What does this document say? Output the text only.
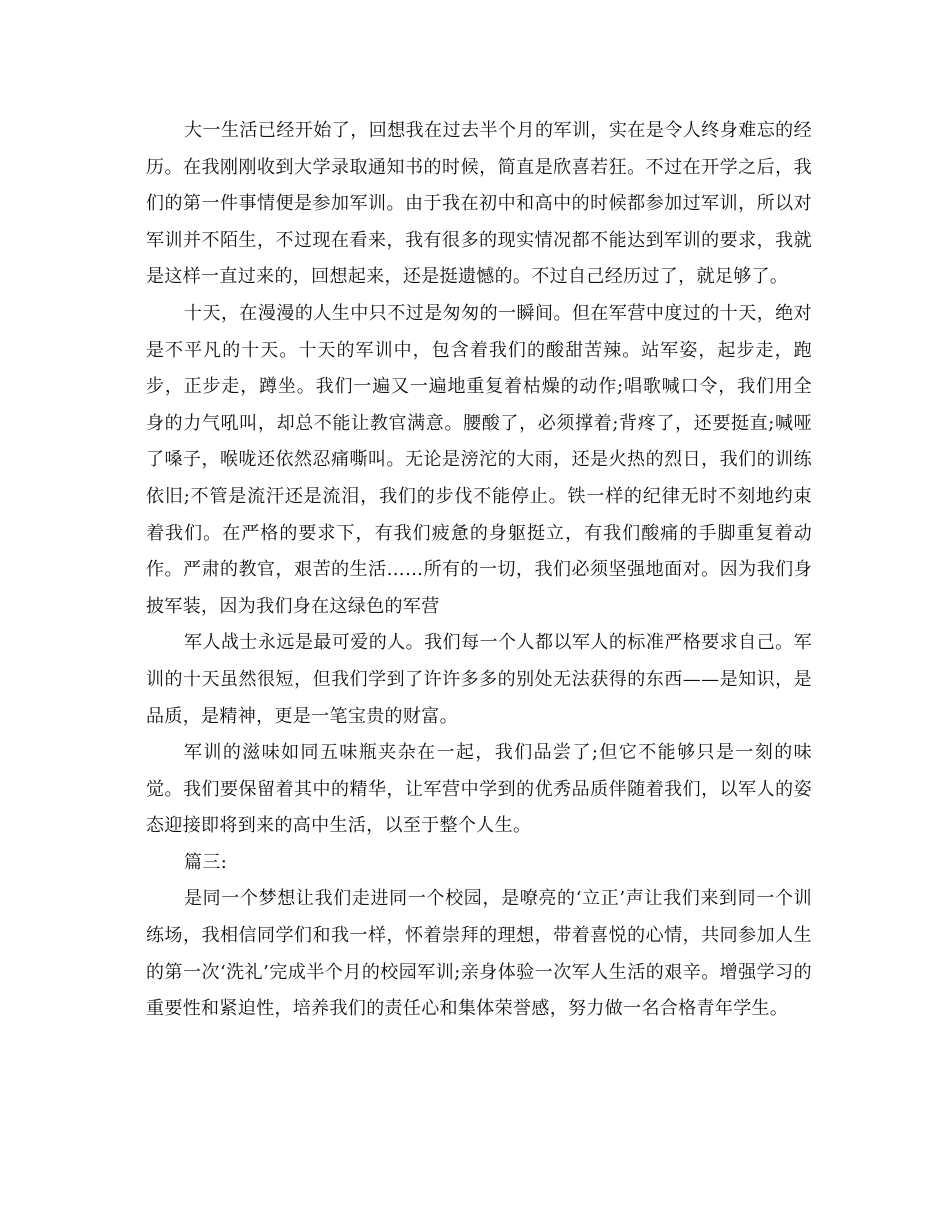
大一生活已经开始了，回想我在过去半个月的军训，实在是令人终身难忘的经历。在我刚刚收到大学录取通知书的时候，简直是欣喜若狂。不过在开学之后，我们的第一件事情便是参加军训。由于我在初中和高中的时候都参加过军训，所以对军训并不陌生，不过现在看来，我有很多的现实情况都不能达到军训的要求，我就是这样一直过来的，回想起来，还是挺遗憾的。不过自己经历过了，就足够了。

十天，在漫漫的人生中只不过是匆匆的一瞬间。但在军营中度过的十天，绝对是不平凡的十天。十天的军训中，包含着我们的酸甜苦辣。站军姿，起步走，跑步，正步走，蹲坐。我们一遍又一遍地重复着枯燥的动作;唱歌喊口令，我们用全身的力气吼叫，却总不能让教官满意。腰酸了，必须撑着;背疼了，还要挺直;喊哑了嗓子，喉咙还依然忍痛嘶叫。无论是滂沱的大雨，还是火热的烈日，我们的训练依旧;不管是流汗还是流泪，我们的步伐不能停止。铁一样的纪律无时不刻地约束着我们。在严格的要求下，有我们疲惫的身躯挺立，有我们酸痛的手脚重复着动作。严肃的教官，艰苦的生活……所有的一切，我们必须坚强地面对。因为我们身披军装，因为我们身在这绿色的军营

军人战士永远是最可爱的人。我们每一个人都以军人的标准严格要求自己。军训的十天虽然很短，但我们学到了许许多多的别处无法获得的东西——是知识，是品质，是精神，更是一笔宝贵的财富。

军训的滋味如同五味瓶夹杂在一起，我们品尝了;但它不能够只是一刻的味觉。我们要保留着其中的精华，让军营中学到的优秀品质伴随着我们，以军人的姿态迎接即将到来的高中生活，以至于整个人生。

篇三:

是同一个梦想让我们走进同一个校园，是嘹亮的‘立正’声让我们来到同一个训练场，我相信同学们和我一样，怀着崇拜的理想，带着喜悦的心情，共同参加人生的第一次‘洗礼’完成半个月的校园军训;亲身体验一次军人生活的艰辛。增强学习的重要性和紧迫性，培养我们的责任心和集体荣誉感，努力做一名合格青年学生。
